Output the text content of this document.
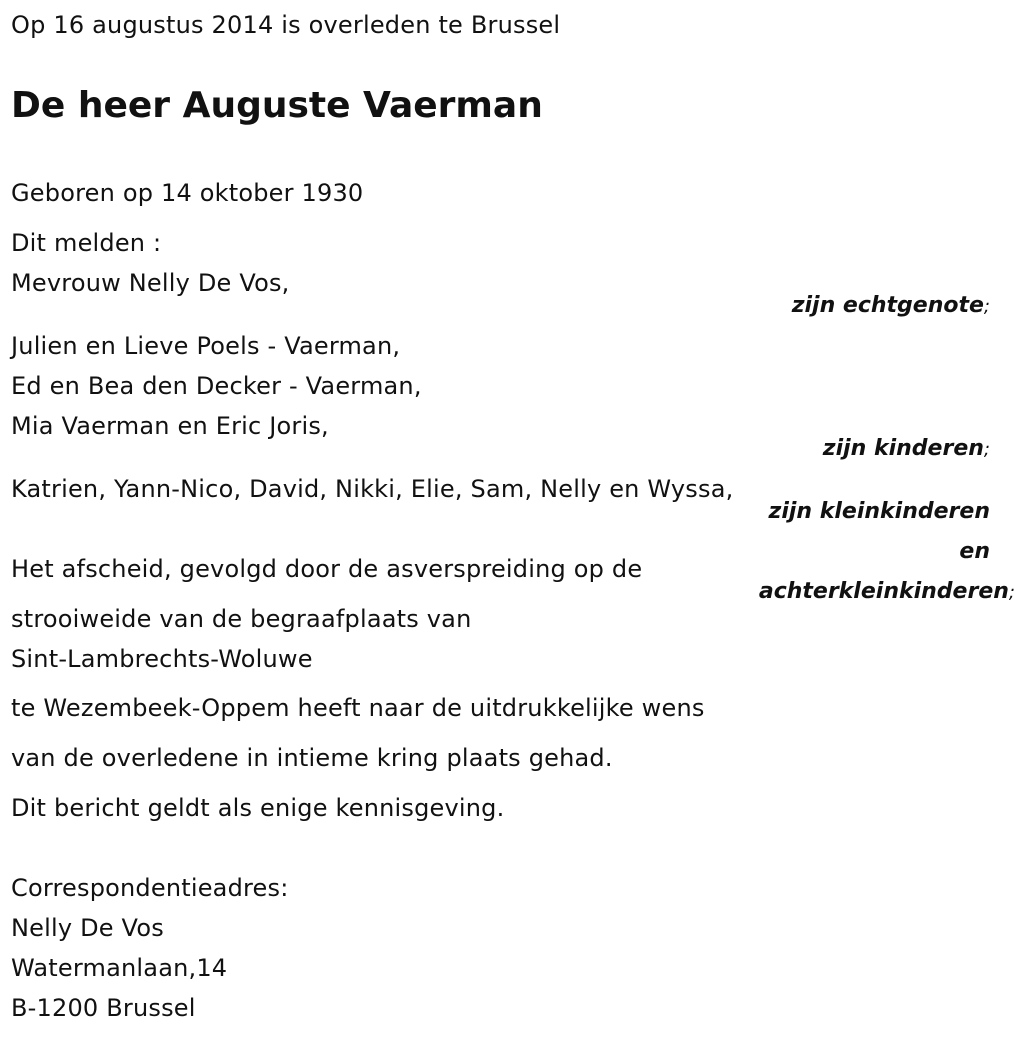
Op 16 augustus 2014 is overleden te Brussel

De heer Auguste Vaerman

Geboren op 14 oktober 1930

Dit melden :

Mevrouw Nelly De Vos,

zijn echtgenote;

Julien en Lieve Poels - Vaerman,

Ed en Bea den Decker - Vaerman,

Mia Vaerman en Eric Joris,

zijn kinderen;

Katrien, Yann-Nico, David, Nikki, Elie, Sam, Nelly en Wyssa,

zijn kleinkinderen
en
achterkleinkinderen;

Het afscheid, gevolgd door de asverspreiding op de

strooiweide van de begraafplaats van

Sint-Lambrechts-Woluwe

te Wezembeek-Oppem heeft naar de uitdrukkelijke wens

van de overledene in intieme kring plaats gehad.

Dit bericht geldt als enige kennisgeving.

Correspondentieadres:

Nelly De Vos

Watermanlaan,14

B-1200 Brussel
